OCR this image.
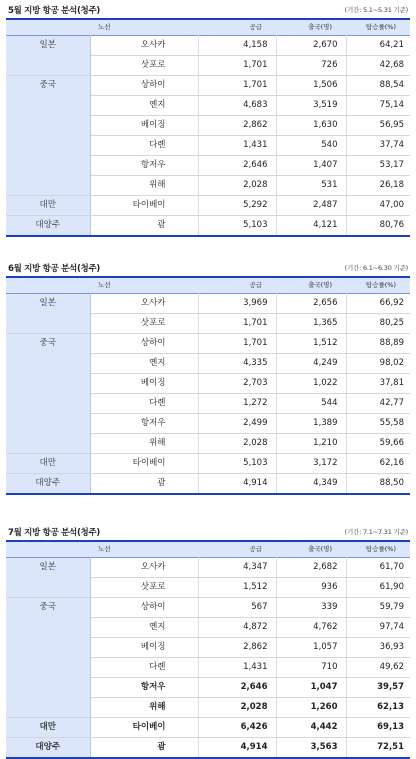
5월 지방 항공 분석(청주)	(기간: 5.1~5.31 기준)
노선		공급	출국(명)	탑승률(%)
일본	오사카	4,158	2,670	64,21
	삿포로	1,701	726	42,68
중국	상하이	1,701	1,506	88,54
	옌지	4,683	3,519	75,14
	베이징	2,862	1,630	56,95
	다롄	1,431	540	37,74
	항저우	2,646	1,407	53,17
	위해	2,028	531	26,18
대만	타이베이	5,292	2,487	47,00
대양주	괌	5,103	4,121	80,76
6월 지방 항공 분석(청주)	(기간: 6.1~6.30 기준)
노선		공급	출국(명)	탑승률(%)
일본	오사카	3,969	2,656	66,92
	삿포로	1,701	1,365	80,25
중국	상하이	1,701	1,512	88,89
	옌지	4,335	4,249	98,02
	베이징	2,703	1,022	37,81
	다롄	1,272	544	42,77
	항저우	2,499	1,389	55,58
	위해	2,028	1,210	59,66
대만	타이베이	5,103	3,172	62,16
대양주	괌	4,914	4,349	88,50
7월 지방 항공 분석(청주)	(기간: 7.1~7.31 기준)
노선		공급	출국(명)	탑승률(%)
일본	오사카	4,347	2,682	61,70
	삿포로	1,512	936	61,90
중국	상하이	567	339	59,79
	옌지	4,872	4,762	97,74
	베이징	2,862	1,057	36,93
	다롄	1,431	710	49,62
	항저우	2,646	1,047	39,57
	위해	2,028	1,260	62,13
대만	타이베이	6,426	4,442	69,13
대양주	괌	4,914	3,563	72,51
